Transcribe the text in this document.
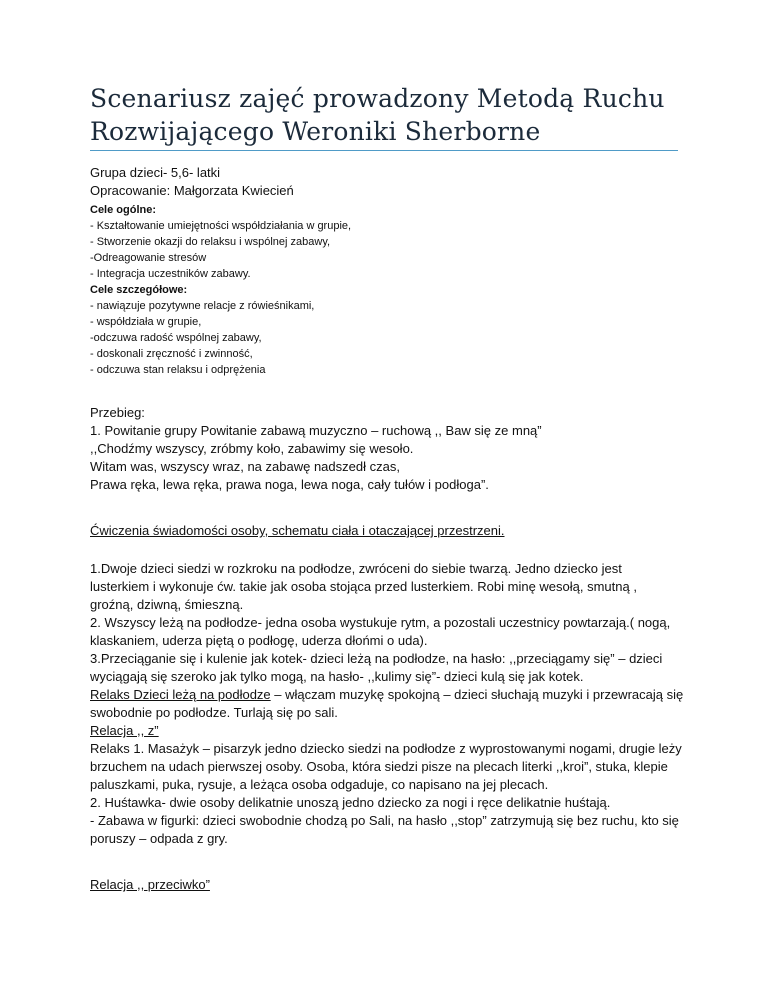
Scenariusz zajęć prowadzony Metodą Ruchu
Rozwijającego Weroniki Sherborne
Grupa dzieci- 5,6- latki
Opracowanie: Małgorzata Kwiecień
Cele ogólne:
- Kształtowanie umiejętności współdziałania w grupie,
- Stworzenie okazji do relaksu i wspólnej zabawy,
-Odreagowanie stresów
- Integracja uczestników zabawy.
Cele szczegółowe:
- nawiązuje pozytywne relacje z rówieśnikami,
- współdziała w grupie,
-odczuwa radość wspólnej zabawy,
- doskonali zręczność i zwinność,
- odczuwa stan relaksu i odprężenia
Przebieg:
1. Powitanie grupy Powitanie zabawą muzyczno – ruchową ,, Baw się ze mną”
,,Chodźmy wszyscy, zróbmy koło, zabawimy się wesoło.
Witam was, wszyscy wraz, na zabawę nadszedł czas,
Prawa ręka, lewa ręka, prawa noga, lewa noga, cały tułów i podłoga”.
Ćwiczenia świadomości osoby, schematu ciała i otaczającej przestrzeni.
1.Dwoje dzieci siedzi w rozkroku na podłodze, zwróceni do siebie twarzą. Jedno dziecko jest
lusterkiem i wykonuje ćw. takie jak osoba stojąca przed lusterkiem. Robi minę wesołą, smutną ,
groźną, dziwną, śmieszną.
2. Wszyscy leżą na podłodze- jedna osoba wystukuje rytm, a pozostali uczestnicy powtarzają.( nogą,
klaskaniem, uderza piętą o podłogę, uderza dłońmi o uda).
3.Przeciąganie się i kulenie jak kotek- dzieci leżą na podłodze, na hasło: ,,przeciągamy się” – dzieci
wyciągają się szeroko jak tylko mogą, na hasło- ,,kulimy się”- dzieci kulą się jak kotek.
Relaks Dzieci leżą na podłodze – włączam muzykę spokojną – dzieci słuchają muzyki i przewracają się
swobodnie po podłodze. Turlają się po sali.
Relacja ,, z”
Relaks 1. Masażyk – pisarzyk jedno dziecko siedzi na podłodze z wyprostowanymi nogami, drugie leży
brzuchem na udach pierwszej osoby. Osoba, która siedzi pisze na plecach literki ,,kroi”, stuka, klepie
paluszkami, puka, rysuje, a leżąca osoba odgaduje, co napisano na jej plecach.
2. Huśtawka- dwie osoby delikatnie unoszą jedno dziecko za nogi i ręce delikatnie huśtają.
- Zabawa w figurki: dzieci swobodnie chodzą po Sali, na hasło ,,stop” zatrzymują się bez ruchu, kto się
poruszy – odpada z gry.
Relacja ,, przeciwko”
